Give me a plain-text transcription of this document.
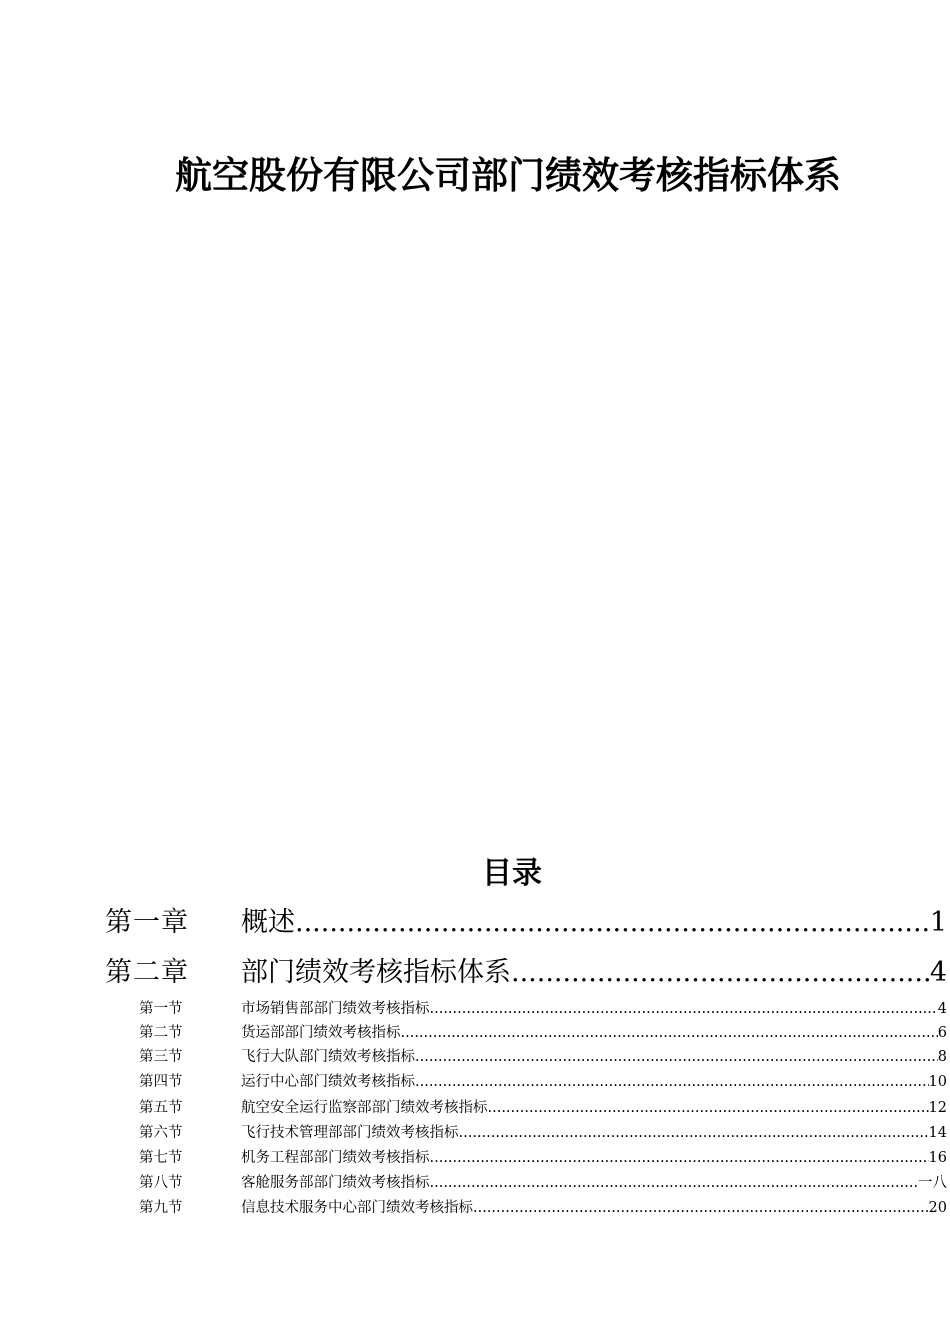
航空股份有限公司部门绩效考核指标体系
目录
第一章	概述 .....	1
第二章	部门绩效考核指标体系 .....	4
第一节	市场销售部部门绩效考核指标 .....	4
第二节	货运部部门绩效考核指标 .....	6
第三节	飞行大队部门绩效考核指标 .....	8
第四节	运行中心部门绩效考核指标 .....	10
第五节	航空安全运行监察部部门绩效考核指标 .....	12
第六节	飞行技术管理部部门绩效考核指标 .....	14
第七节	机务工程部部门绩效考核指标 .....	16
第八节	客舱服务部部门绩效考核指标 .....	一八
第九节	信息技术服务中心部门绩效考核指标 .....	20
